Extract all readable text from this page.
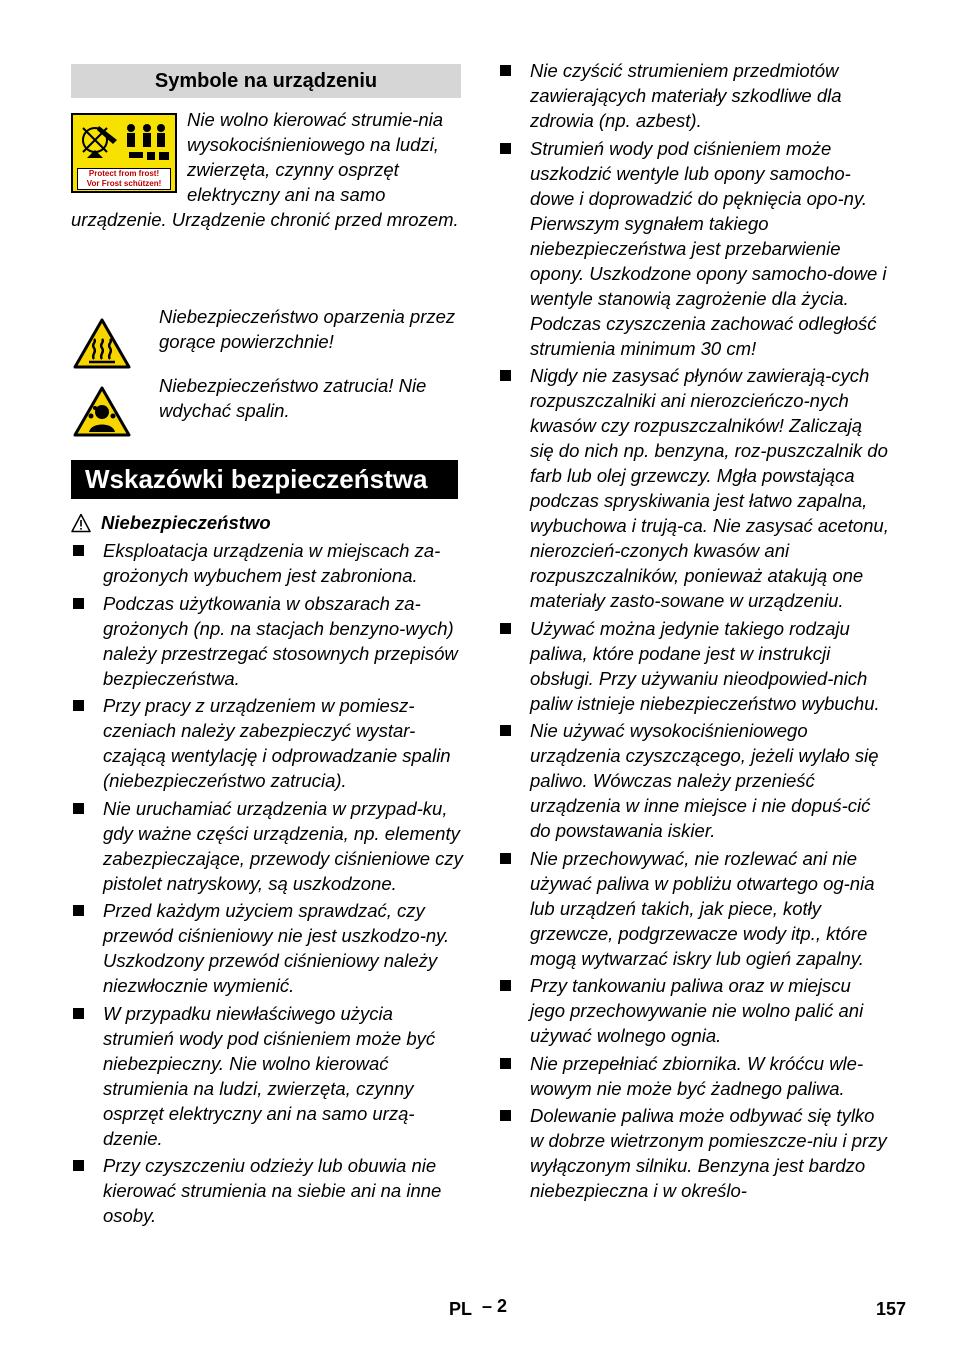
Symbole na urządzeniu
Protect from frost!
Vor Frost schützen!
Nie wolno kierować strumie-nia wysokociśnieniowego na ludzi, zwierzęta, czynny osprzęt elektryczny ani na samo urządzenie. Urządzenie chronić przed mrozem.
Niebezpieczeństwo oparzenia przez gorące powierzchnie!
Niebezpieczeństwo zatrucia! Nie wdychać spalin.
Wskazówki bezpieczeństwa
Niebezpieczeństwo
Eksploatacja urządzenia w miejscach za-grożonych wybuchem jest zabroniona.
Podczas użytkowania w obszarach za-grożonych (np. na stacjach benzyno-wych) należy przestrzegać stosownych przepisów bezpieczeństwa.
Przy pracy z urządzeniem w pomiesz-czeniach należy zabezpieczyć wystar-czającą wentylację i odprowadzanie spalin (niebezpieczeństwo zatrucia).
Nie uruchamiać urządzenia w przypad-ku, gdy ważne części urządzenia, np. elementy zabezpieczające, przewody ciśnieniowe czy pistolet natryskowy, są uszkodzone.
Przed każdym użyciem sprawdzać, czy przewód ciśnieniowy nie jest uszkodzo-ny. Uszkodzony przewód ciśnieniowy należy niezwłocznie wymienić.
W przypadku niewłaściwego użycia strumień wody pod ciśnieniem może być niebezpieczny. Nie wolno kierować strumienia na ludzi, zwierzęta, czynny osprzęt elektryczny ani na samo urzą-dzenie.
Przy czyszczeniu odzieży lub obuwia nie kierować strumienia na siebie ani na inne osoby.
Nie czyścić strumieniem przedmiotów zawierających materiały szkodliwe dla zdrowia (np. azbest).
Strumień wody pod ciśnieniem może uszkodzić wentyle lub opony samocho-dowe i doprowadzić do pęknięcia opo-ny. Pierwszym sygnałem takiego niebezpieczeństwa jest przebarwienie opony. Uszkodzone opony samocho-dowe i wentyle stanowią zagrożenie dla życia. Podczas czyszczenia zachować odległość strumienia minimum 30 cm!
Nigdy nie zasysać płynów zawierają-cych rozpuszczalniki ani nierozcieńczo-nych kwasów czy rozpuszczalników! Zaliczają się do nich np. benzyna, roz-puszczalnik do farb lub olej grzewczy. Mgła powstająca podczas spryskiwania jest łatwo zapalna, wybuchowa i trują-ca. Nie zasysać acetonu, nierozcień-czonych kwasów ani rozpuszczalników, ponieważ atakują one materiały zasto-sowane w urządzeniu.
Używać można jedynie takiego rodzaju paliwa, które podane jest w instrukcji obsługi. Przy używaniu nieodpowied-nich paliw istnieje niebezpieczeństwo wybuchu.
Nie używać wysokociśnieniowego urządzenia czyszczącego, jeżeli wylało się paliwo. Wówczas należy przenieść urządzenia w inne miejsce i nie dopuś-cić do powstawania iskier.
Nie przechowywać, nie rozlewać ani nie używać paliwa w pobliżu otwartego og-nia lub urządzeń takich, jak piece, kotły grzewcze, podgrzewacze wody itp., które mogą wytwarzać iskry lub ogień zapalny.
Przy tankowaniu paliwa oraz w miejscu jego przechowywanie nie wolno palić ani używać wolnego ognia.
Nie przepełniać zbiornika. W króćcu wle-wowym nie może być żadnego paliwa.
Dolewanie paliwa może odbywać się tylko w dobrze wietrzonym pomieszcze-niu i przy wyłączonym silniku. Benzyna jest bardzo niebezpieczna i w określo-
PL – 2	157
